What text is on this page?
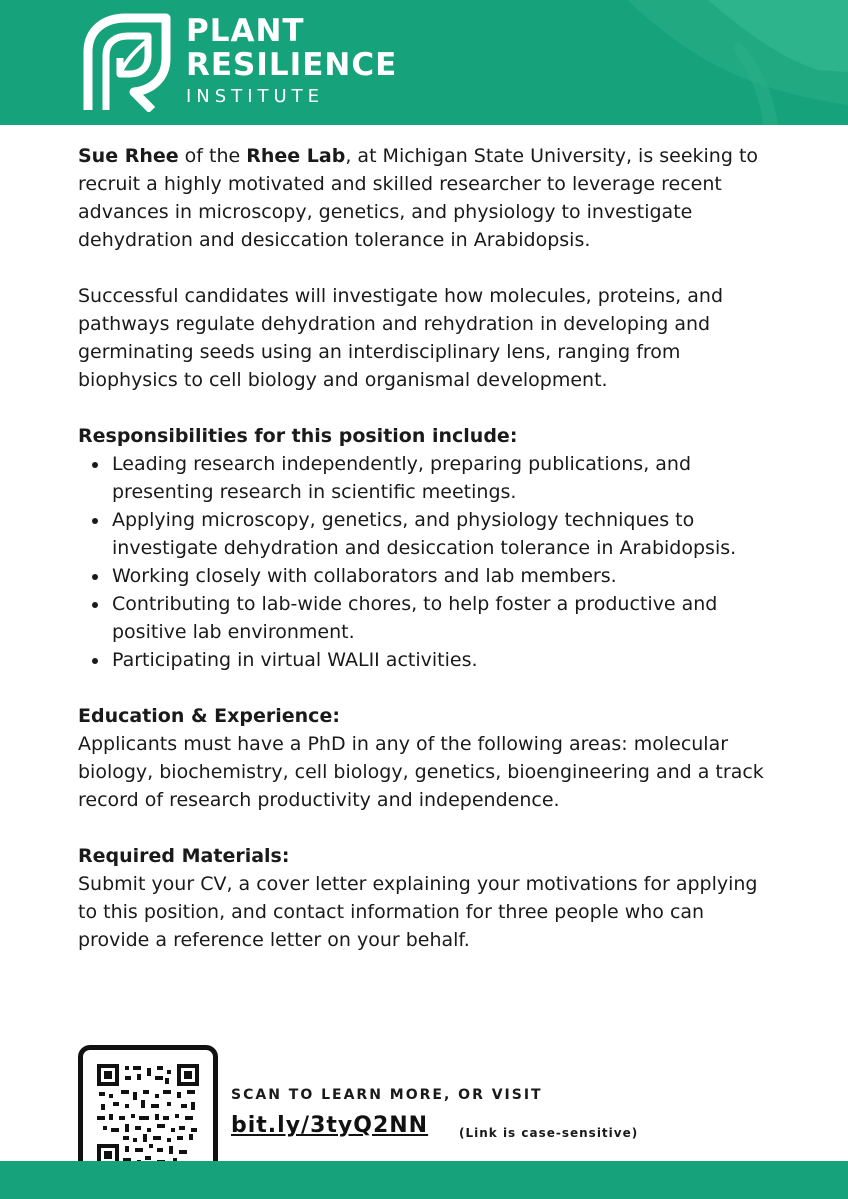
PLANT
RESILIENCE
INSTITUTE

Sue Rhee of the Rhee Lab, at Michigan State University, is seeking to recruit a highly motivated and skilled researcher to leverage recent advances in microscopy, genetics, and physiology to investigate dehydration and desiccation tolerance in Arabidopsis.

Successful candidates will investigate how molecules, proteins, and pathways regulate dehydration and rehydration in developing and germinating seeds using an interdisciplinary lens, ranging from biophysics to cell biology and organismal development.

Responsibilities for this position include:
Leading research independently, preparing publications, and presenting research in scientific meetings.
Applying microscopy, genetics, and physiology techniques to investigate dehydration and desiccation tolerance in Arabidopsis.
Working closely with collaborators and lab members.
Contributing to lab-wide chores, to help foster a productive and positive lab environment.
Participating in virtual WALII activities.
Education & Experience:

Applicants must have a PhD in any of the following areas: molecular biology, biochemistry, cell biology, genetics, bioengineering and a track record of research productivity and independence.

Required Materials:

Submit your CV, a cover letter explaining your motivations for applying to this position, and contact information for three people who can provide a reference letter on your behalf.

SCAN TO LEARN MORE, OR VISIT
bit.ly/3tyQ2NN	(Link is case-sensitive)
